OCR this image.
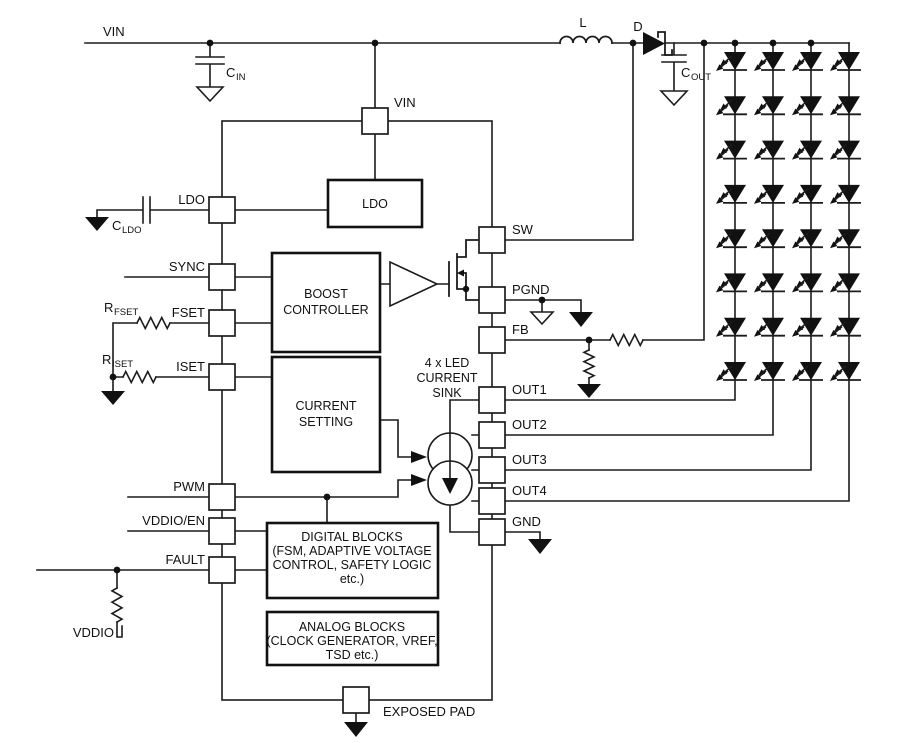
LDO
BOOST
CONTROLLER
CURRENT
SETTING
DIGITAL BLOCKS
(FSM, ADAPTIVE VOLTAGE
CONTROL, SAFETY LOGIC
etc.)
ANALOG BLOCKS
(CLOCK GENERATOR, VREF,
TSD etc.)
VIN
L	D
C IN	C OUT
C LDO
R FSET
R ISET
VDDIO
VIN
LDO
SYNC
FSET
ISET
PWM
VDDIO/EN
FAULT
SW
PGND
FB
OUT1
OUT2
OUT3
OUT4
GND
EXPOSED PAD
4 x LED
CURRENT
SINK
